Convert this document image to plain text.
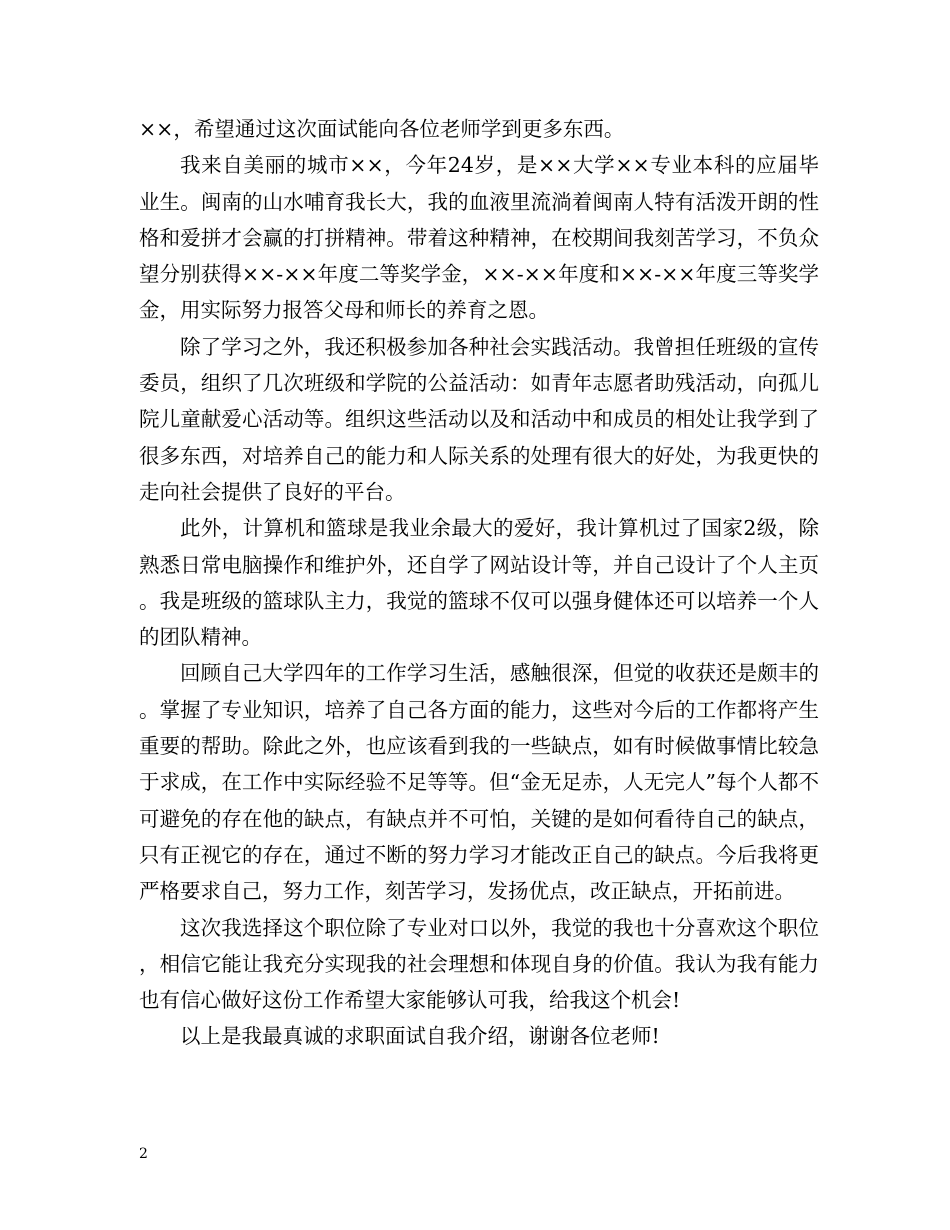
××，希望通过这次面试能向各位老师学到更多东西。

我来自美丽的城市××，今年24岁，是××大学××专业本科的应届毕业生。闽南的山水哺育我长大，我的血液里流淌着闽南人特有活泼开朗的性格和爱拼才会赢的打拼精神。带着这种精神，在校期间我刻苦学习，不负众望分别获得××-××年度二等奖学金，××-××年度和××-××年度三等奖学金，用实际努力报答父母和师长的养育之恩。

除了学习之外，我还积极参加各种社会实践活动。我曾担任班级的宣传委员，组织了几次班级和学院的公益活动：如青年志愿者助残活动，向孤儿院儿童献爱心活动等。组织这些活动以及和活动中和成员的相处让我学到了很多东西，对培养自己的能力和人际关系的处理有很大的好处，为我更快的走向社会提供了良好的平台。

此外，计算机和篮球是我业余最大的爱好，我计算机过了国家2级，除熟悉日常电脑操作和维护外，还自学了网站设计等，并自己设计了个人主页。我是班级的篮球队主力，我觉的篮球不仅可以强身健体还可以培养一个人的团队精神。

回顾自己大学四年的工作学习生活，感触很深，但觉的收获还是颇丰的。掌握了专业知识，培养了自己各方面的能力，这些对今后的工作都将产生重要的帮助。除此之外，也应该看到我的一些缺点，如有时候做事情比较急于求成，在工作中实际经验不足等等。但“金无足赤，人无完人”每个人都不可避免的存在他的缺点，有缺点并不可怕，关键的是如何看待自己的缺点，只有正视它的存在，通过不断的努力学习才能改正自己的缺点。今后我将更严格要求自己，努力工作，刻苦学习，发扬优点，改正缺点，开拓前进。

这次我选择这个职位除了专业对口以外，我觉的我也十分喜欢这个职位，相信它能让我充分实现我的社会理想和体现自身的价值。我认为我有能力也有信心做好这份工作希望大家能够认可我，给我这个机会!

以上是我最真诚的求职面试自我介绍，谢谢各位老师!

2
